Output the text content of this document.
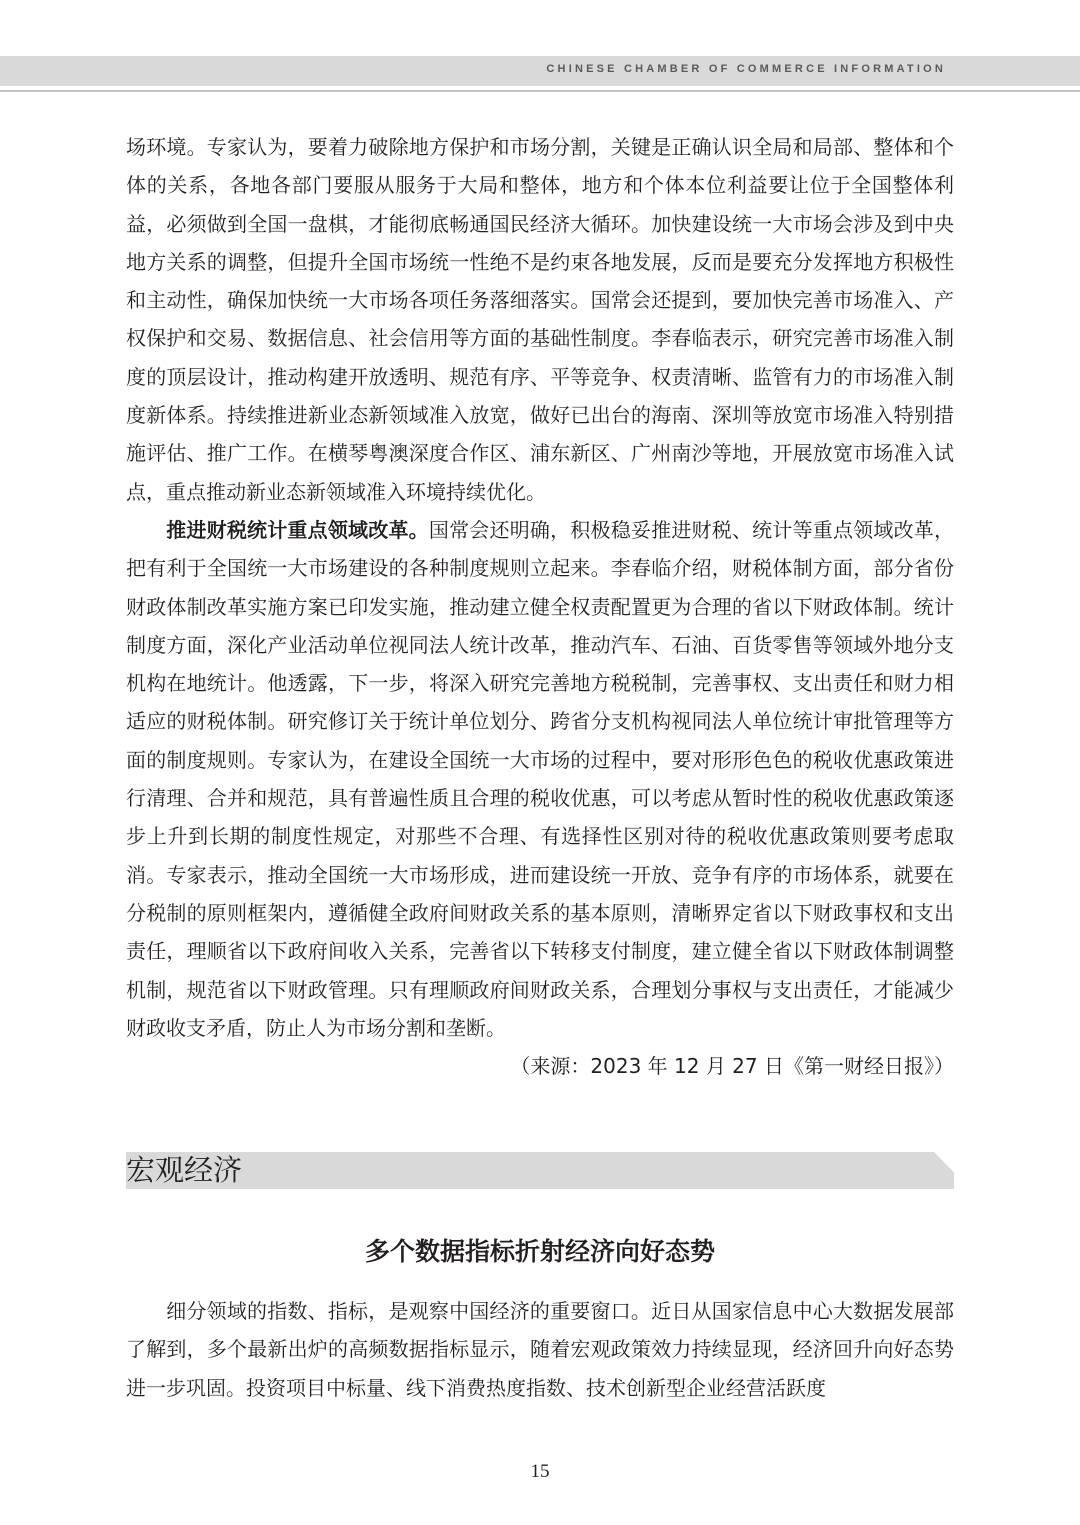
CHINESE CHAMBER OF COMMERCE INFORMATION

场环境。专家认为，要着力破除地方保护和市场分割，关键是正确认识全局和局部、整体和个体的关系，各地各部门要服从服务于大局和整体，地方和个体本位利益要让位于全国整体利益，必须做到全国一盘棋，才能彻底畅通国民经济大循环。加快建设统一大市场会涉及到中央地方关系的调整，但提升全国市场统一性绝不是约束各地发展，反而是要充分发挥地方积极性和主动性，确保加快统一大市场各项任务落细落实。国常会还提到，要加快完善市场准入、产权保护和交易、数据信息、社会信用等方面的基础性制度。李春临表示，研究完善市场准入制度的顶层设计，推动构建开放透明、规范有序、平等竞争、权责清晰、监管有力的市场准入制度新体系。持续推进新业态新领域准入放宽，做好已出台的海南、深圳等放宽市场准入特别措施评估、推广工作。在横琴粤澳深度合作区、浦东新区、广州南沙等地，开展放宽市场准入试点，重点推动新业态新领域准入环境持续优化。

推进财税统计重点领域改革。国常会还明确，积极稳妥推进财税、统计等重点领域改革，把有利于全国统一大市场建设的各种制度规则立起来。李春临介绍，财税体制方面，部分省份财政体制改革实施方案已印发实施，推动建立健全权责配置更为合理的省以下财政体制。统计制度方面，深化产业活动单位视同法人统计改革，推动汽车、石油、百货零售等领域外地分支机构在地统计。他透露，下一步，将深入研究完善地方税税制，完善事权、支出责任和财力相适应的财税体制。研究修订关于统计单位划分、跨省分支机构视同法人单位统计审批管理等方面的制度规则。专家认为，在建设全国统一大市场的过程中，要对形形色色的税收优惠政策进行清理、合并和规范，具有普遍性质且合理的税收优惠，可以考虑从暂时性的税收优惠政策逐步上升到长期的制度性规定，对那些不合理、有选择性区别对待的税收优惠政策则要考虑取消。专家表示，推动全国统一大市场形成，进而建设统一开放、竞争有序的市场体系，就要在分税制的原则框架内，遵循健全政府间财政关系的基本原则，清晰界定省以下财政事权和支出责任，理顺省以下政府间收入关系，完善省以下转移支付制度，建立健全省以下财政体制调整机制，规范省以下财政管理。只有理顺政府间财政关系，合理划分事权与支出责任，才能减少财政收支矛盾，防止人为市场分割和垄断。

（来源：2023 年 12 月 27 日《第一财经日报》）

宏观经济
多个数据指标折射经济向好态势

细分领域的指数、指标，是观察中国经济的重要窗口。近日从国家信息中心大数据发展部了解到，多个最新出炉的高频数据指标显示，随着宏观政策效力持续显现，经济回升向好态势进一步巩固。投资项目中标量、线下消费热度指数、技术创新型企业经营活跃度

15
